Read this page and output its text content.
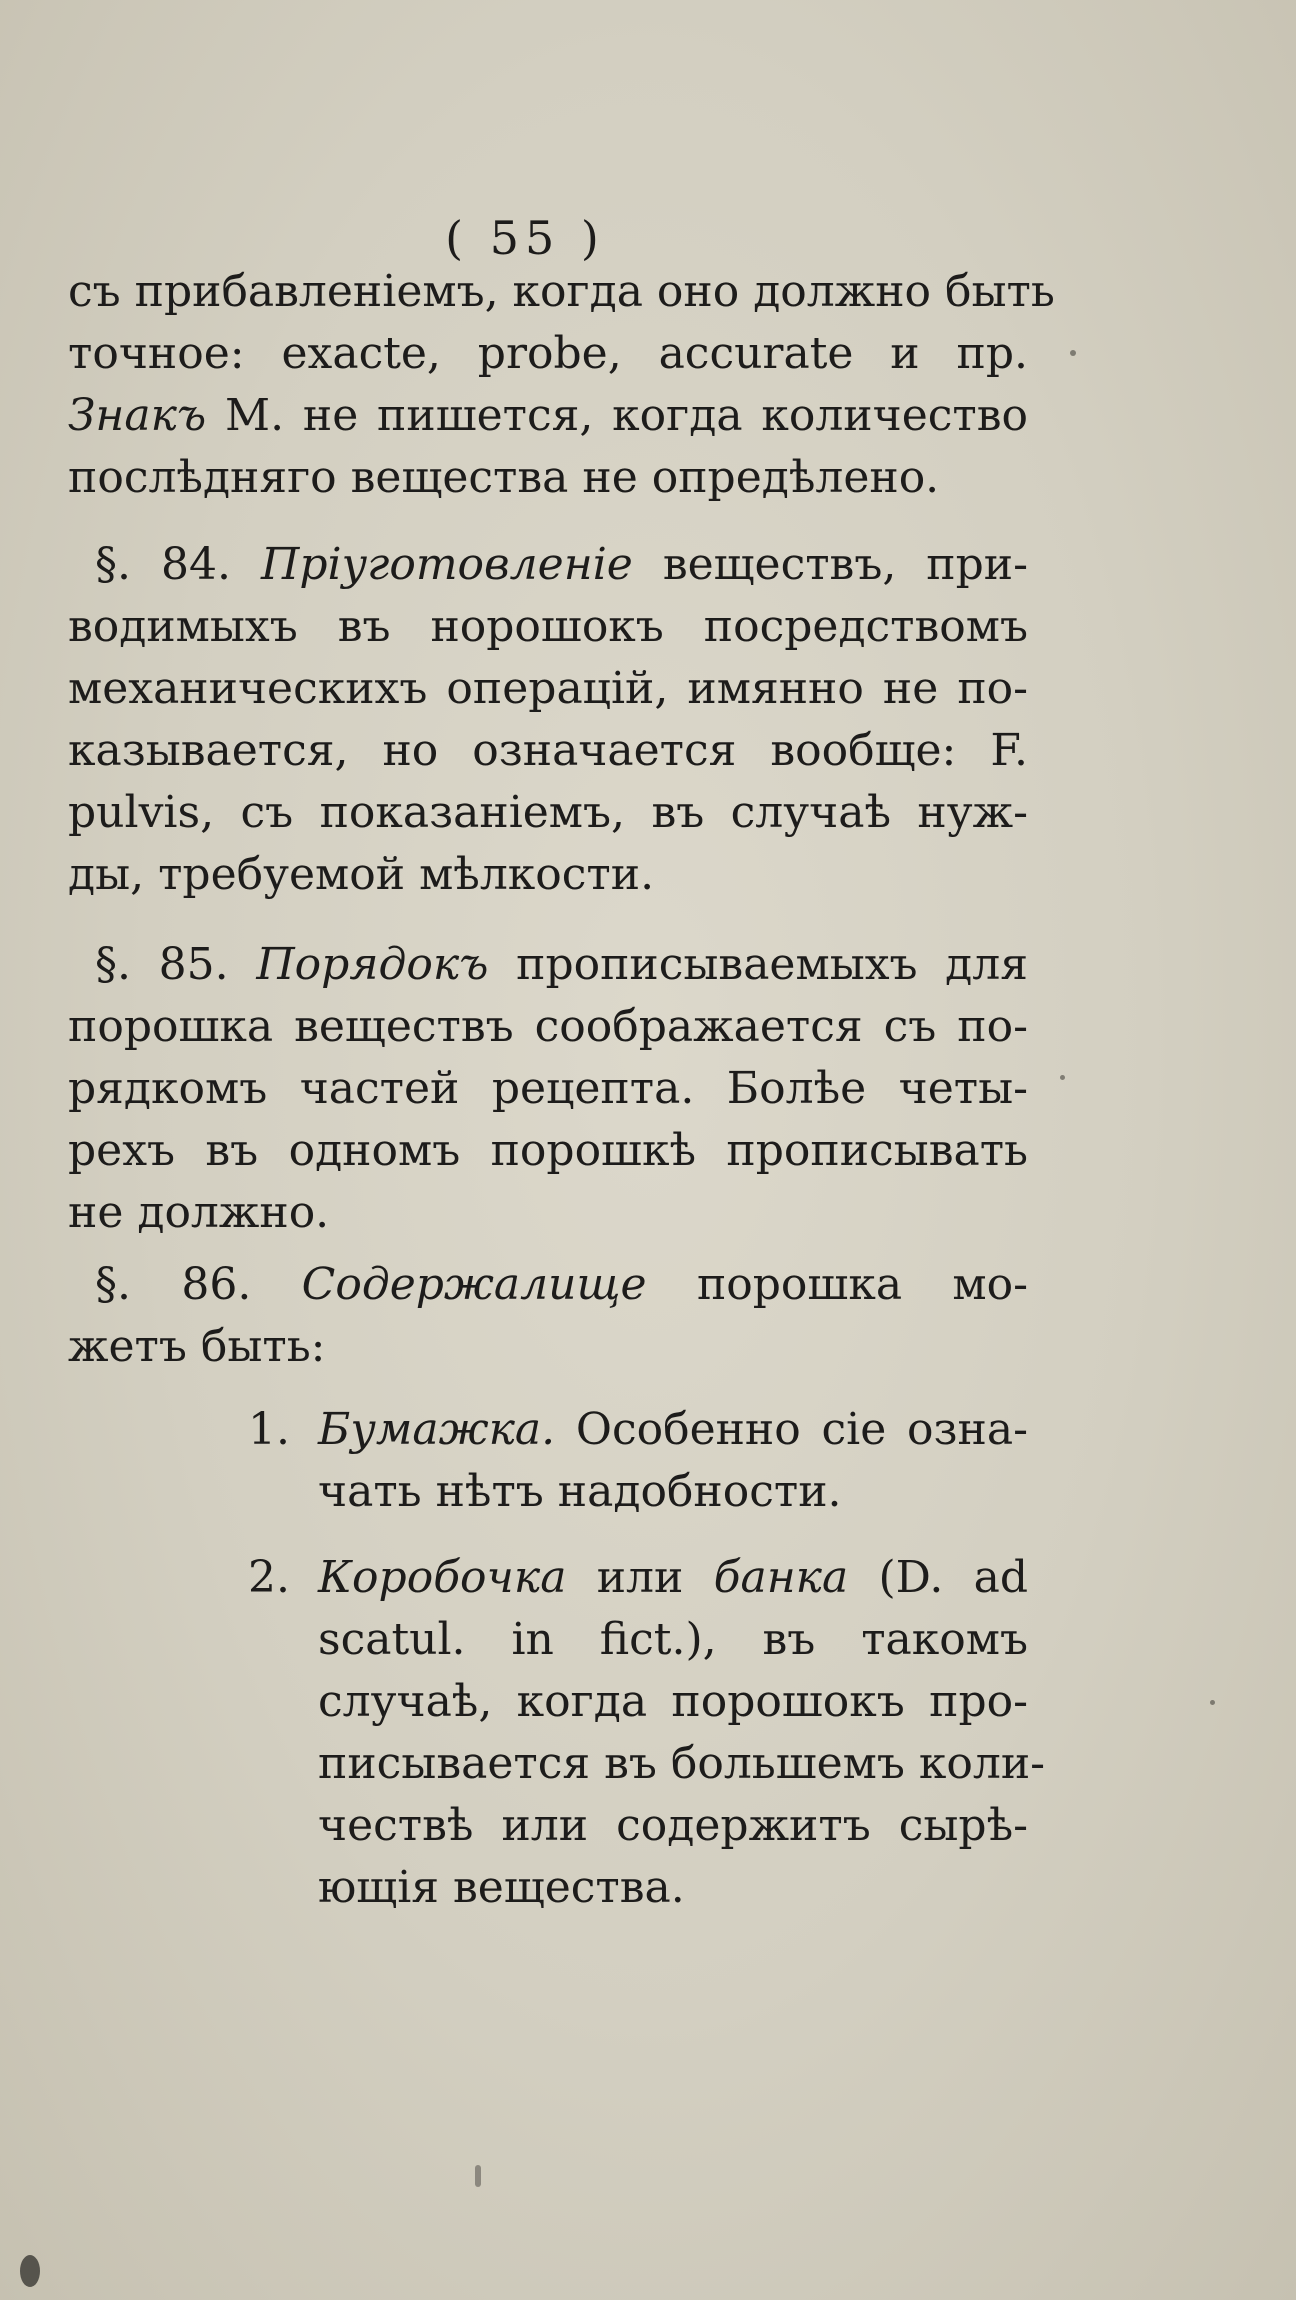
( 55 )
съ прибавленiемъ, когда оно должно быть
точное: exacte, probe, accurate и пр.
Знакъ М. не пишется, когда количество
послѣдняго вещества не опредѣлено.
§. 84. Прiуготовленiе веществъ, при-
водимыхъ въ норошокъ посредствомъ
механическихъ операцiй, имянно не по-
казывается, но означается вообще: F.
pulvis, съ показанiемъ, въ случаѣ нуж-
ды, требуемой мѣлкости.
§. 85. Порядокъ прописываемыхъ для
порошка веществъ соображается съ по-
рядкомъ частей рецепта. Болѣе четы-
рехъ въ одномъ порошкѣ прописывать
не должно.
§. 86. Содержалище порошка мо-
жетъ быть:
1. Бумажка. Особенно сiе озна-
чать нѣтъ надобности.
2. Коробочка или банка (D. ad
scatul. in fict.), въ такомъ
случаѣ, когда порошокъ про-
писывается въ большемъ коли-
чествѣ или содержитъ сырѣ-
ющiя вещества.
